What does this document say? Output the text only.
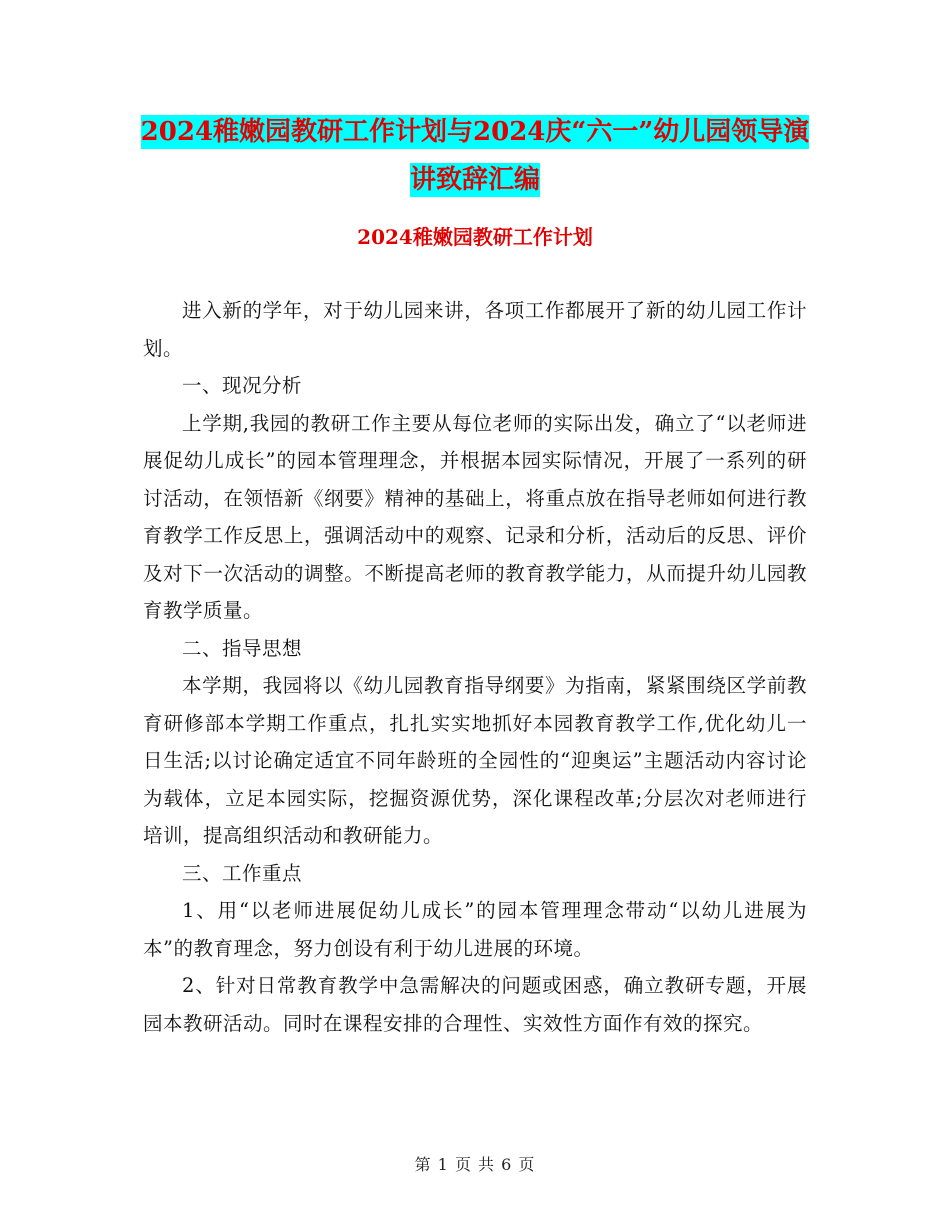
2024稚嫩园教研工作计划与2024庆“六一”幼儿园领导演讲致辞汇编
2024稚嫩园教研工作计划

进入新的学年，对于幼儿园来讲，各项工作都展开了新的幼儿园工作计划。

一、现况分析

上学期,我园的教研工作主要从每位老师的实际出发，确立了“以老师进展促幼儿成长”的园本管理理念，并根据本园实际情况，开展了一系列的研讨活动，在领悟新《纲要》精神的基础上，将重点放在指导老师如何进行教育教学工作反思上，强调活动中的观察、记录和分析，活动后的反思、评价及对下一次活动的调整。不断提高老师的教育教学能力，从而提升幼儿园教育教学质量。

二、指导思想

本学期，我园将以《幼儿园教育指导纲要》为指南，紧紧围绕区学前教育研修部本学期工作重点，扎扎实实地抓好本园教育教学工作,优化幼儿一日生活;以讨论确定适宜不同年龄班的全园性的“迎奥运”主题活动内容讨论为载体，立足本园实际，挖掘资源优势，深化课程改革;分层次对老师进行培训，提高组织活动和教研能力。

三、工作重点

1、用“以老师进展促幼儿成长”的园本管理理念带动“以幼儿进展为本”的教育理念，努力创设有利于幼儿进展的环境。

2、针对日常教育教学中急需解决的问题或困惑，确立教研专题，开展园本教研活动。同时在课程安排的合理性、实效性方面作有效的探究。

第 1 页 共 6 页
